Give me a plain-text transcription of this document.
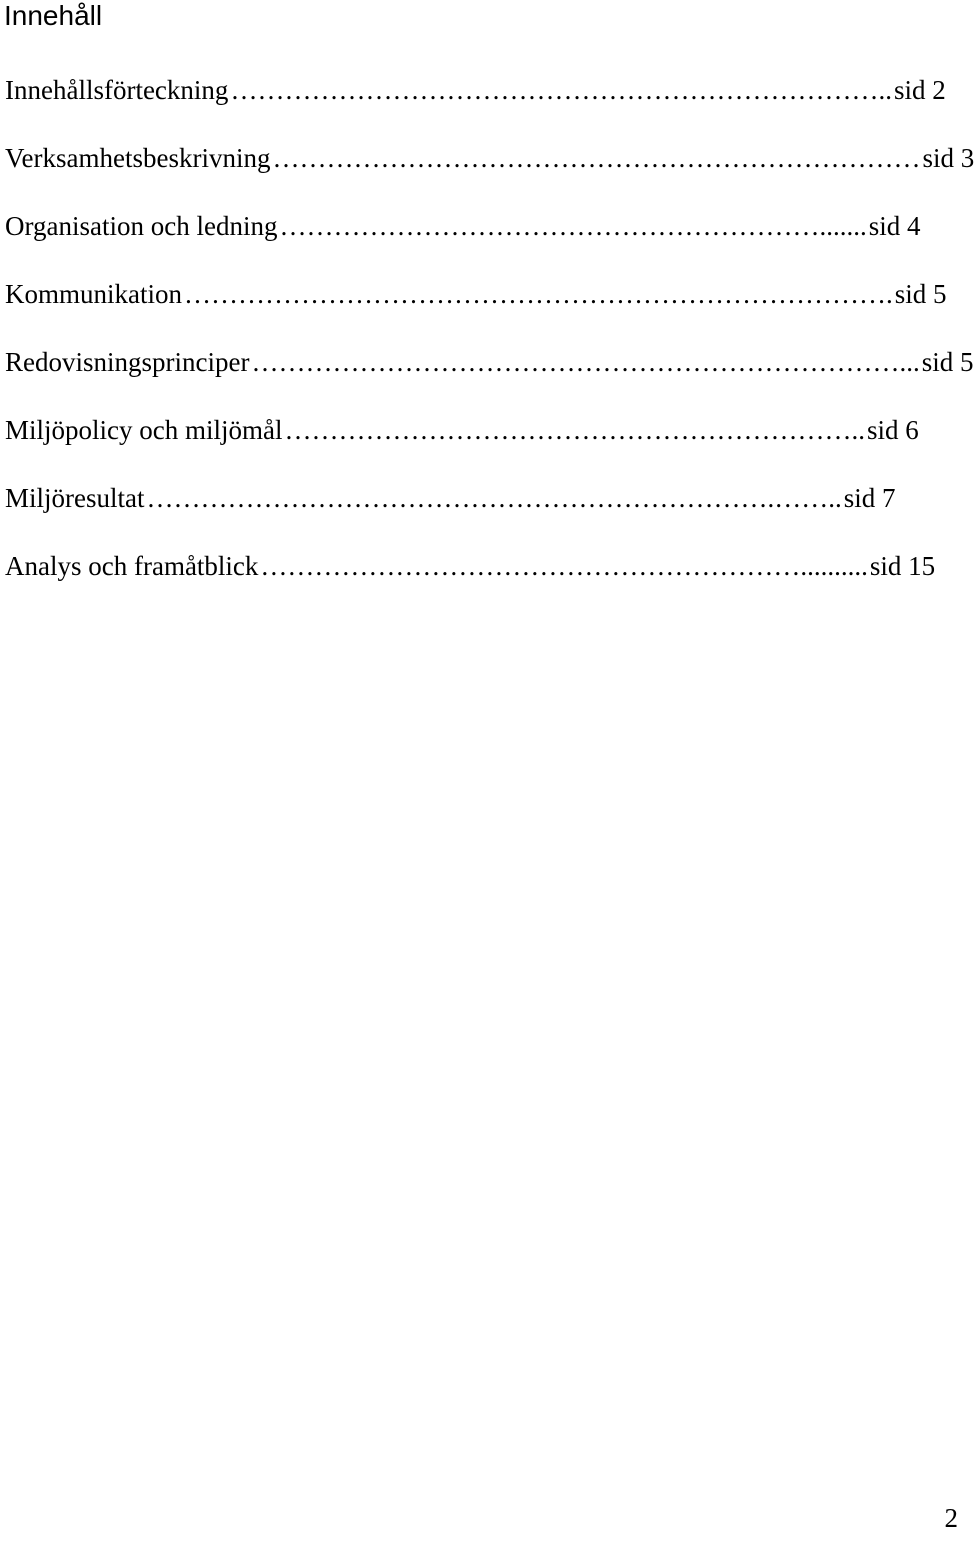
Innehåll
Innehållsförteckning ……………………………………………………………….. sid 2
Verksamhetsbeskrivning ……………………………………………………………… sid 3
Organisation och ledning ……………………………………………………....... sid 4
Kommunikation ……………………………………………………………………. sid 5
Redovisningsprinciper ………………………………………………………………... sid 5
Miljöpolicy och miljömål ……………………………………………………….. sid 6
Miljöresultat …………………………………………………………….…….. sid 7
Analys och framåtblick …………………………………………………….......... sid 15
2
